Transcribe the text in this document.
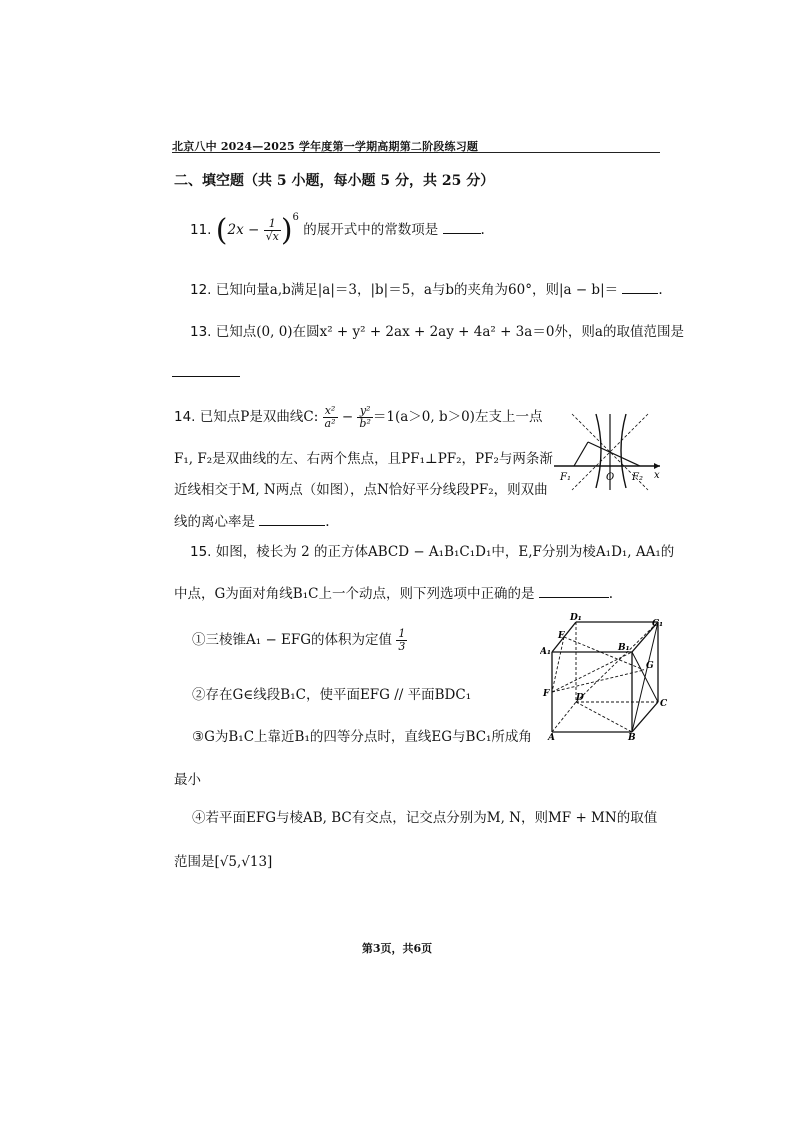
北京八中 2024—2025 学年度第一学期高期第二阶段练习题
二、填空题（共 5 小题，每小题 5 分，共 25 分）
11. $(2x - \frac{1}{√x} )^6$ 的展开式中的常数项是	.
12. 已知向量a,b满足|a|＝3，|b|＝5，a与b的夹角为60°，则|a − b|＝	.
13. 已知点(0, 0)在圆x² + y² + 2ax + 2ay + 4a² + 3a＝0外，则a的取值范围是
14. 已知点P是双曲线C: $\frac{\text{x²}}{\text{a²}} - \frac{\text{y²}}{\text{b²}} =1(a>0$, b＞0)左支上一点
F₁, F₂是双曲线的左、右两个焦点，且PF₁⊥PF₂，PF₂与两条渐
近线相交于M, N两点（如图），点N恰好平分线段PF₂，则双曲
线的离心率是	.
F₁	O F₂ x
15. 如图，棱长为 2 的正方体ABCD − A₁B₁C₁D₁中，E,F分别为棱A₁D₁, AA₁的
中点，G为面对角线B₁C上一个动点，则下列选项中正确的是	.
①三棱锥A₁ − EFG的体积为定值 $\frac{1}{3}$
②存在G∈线段B₁C，使平面EFG // 平面BDC₁
③G为B₁C上靠近B₁的四等分点时，直线EG与BC₁所成角
最小
④若平面EFG与棱AB, BC有交点，记交点分别为M, N，则MF + MN的取值
范围是[√5,√13]
D₁
C₁
E
A₁	B₁
G
F	D
C
A	B
第3页，共6页
